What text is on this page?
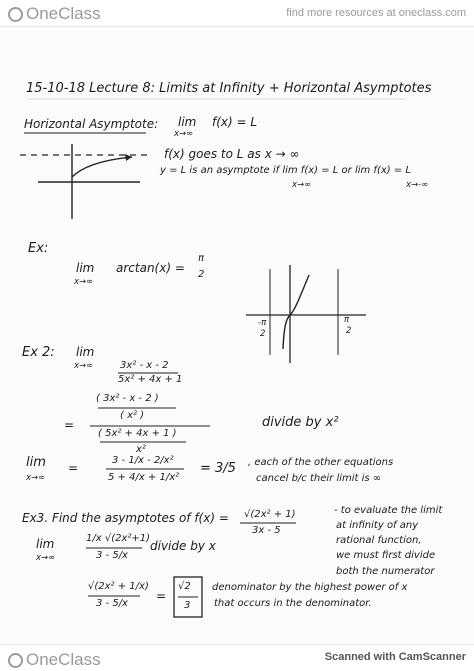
OneClass	find more resources at oneclass.com
15-10-18 Lecture 8: Limits at Infinity + Horizontal Asymptotes
Horizontal Asymptote: lim
x→∞
f(x) = L
f(x) goes to L as x → ∞
y = L is an asymptote if lim f(x) = L or lim f(x) = L
x→∞	x→-∞
Ex:
lim
x→∞
arctan(x) =
π
2
-π
2
π
2
Ex 2: lim
x→∞	3x² - x - 2
5x² + 4x + 1
=
( 3x² - x - 2 )
( x² )
( 5x² + 4x + 1 )
x²
divide by x²
lim
x→∞
=
3 - 1/x - 2/x²
5 + 4/x + 1/x²
= 3/5 , each of the other equations
cancel b/c their limit is ∞
Ex3. Find the asymptotes of f(x) = √(2x² + 1)
3x - 5
- to evaluate the limit
at infinity of any
rational function,
we must first divide
both the numerator
denominator by the highest power of x
that occurs in the denominator.
lim
x→∞
1/x √(2x²+1)
3 - 5/x
divide by x
√(2x² + 1/x)
3 - 5/x
=
√2
3
OneClass	Scanned with CamScanner
